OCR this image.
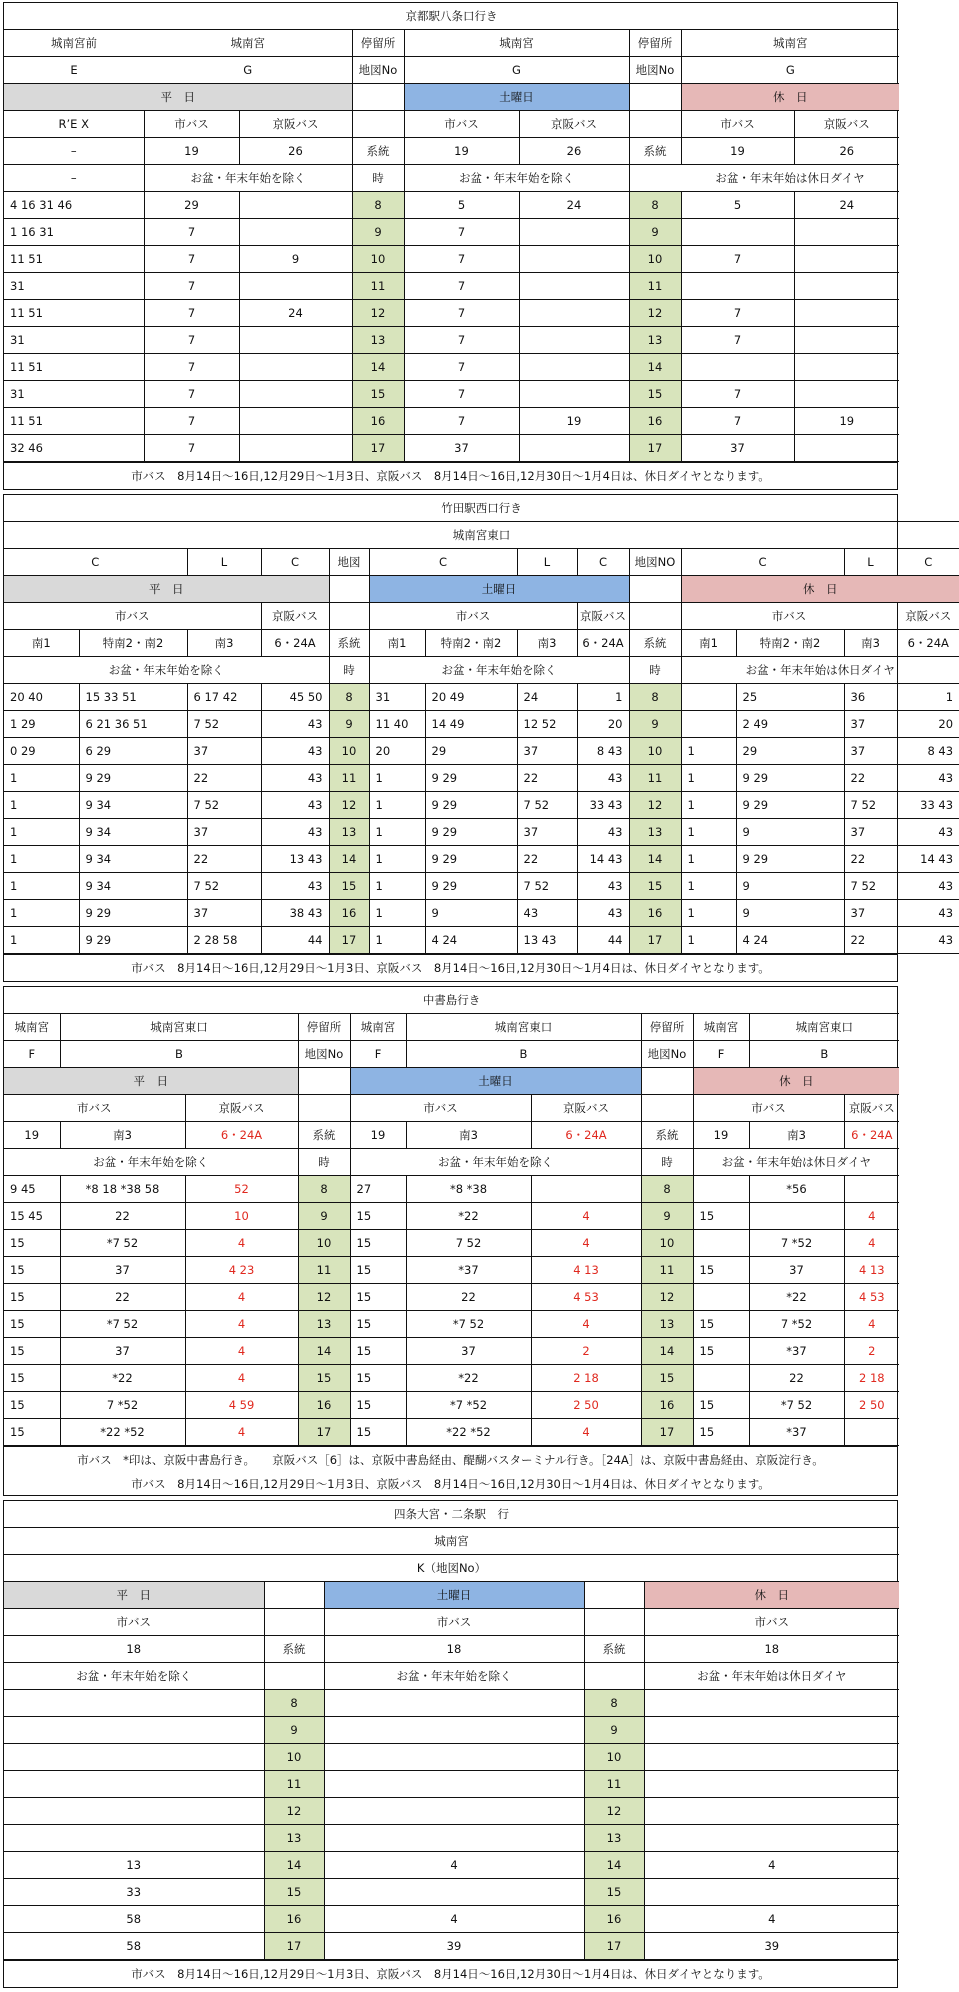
京都駅八条口行き								
城南宮前	城南宮		停留所	城南宮		停留所	城南宮	
E	G		地図No	G		地図No	G	
平　日				土曜日			休　日	
R’E X	市バス	京阪バス		市バス	京阪バス		市バス	京阪バス
–	19	26	系統	19	26	系統	19	26
–	お盆・年末年始を除く		時	お盆・年末年始を除く			お盆・年末年始は休日ダイヤ	
4 16 31 46	29		8	5	24	8	5	24
1 16 31	7		9	7		9		
11 51	7	9	10	7		10	7	
31	7		11	7		11		
11 51	7	24	12	7		12	7	
31	7		13	7		13	7	
11 51	7		14	7		14		
31	7		15	7		15	7	
11 51	7		16	7	19	16	7	19
32 46	7		17	37		17	37	
市バス　8月14日～16日,12月29日～1月3日、京阪バス　8月14日～16日,12月30日～1月4日は、休日ダイヤとなります。
竹田駅西口行き													
城南宮東口													
C		L	C	地図	C		L	C	地図NO	C		L	C
平　日					土曜日					休　日			
市バス			京阪バス		市バス			京阪バス		市バス			京阪バス
南1	特南2・南2	南3	6・24A	系統	南1	特南2・南2	南3	6・24A	系統	南1	特南2・南2	南3	6・24A
お盆・年末年始を除く				時	お盆・年末年始を除く				時	お盆・年末年始は休日ダイヤ			
20 40	15 33 51	6 17 42	45 50	8	31	20 49	24	1	8		25	36	1
1 29	6 21 36 51	7 52	43	9	11 40	14 49	12 52	20	9		2 49	37	20
0 29	6 29	37	43	10	20	29	37	8 43	10	1	29	37	8 43
1	9 29	22	43	11	1	9 29	22	43	11	1	9 29	22	43
1	9 34	7 52	43	12	1	9 29	7 52	33 43	12	1	9 29	7 52	33 43
1	9 34	37	43	13	1	9 29	37	43	13	1	9	37	43
1	9 34	22	13 43	14	1	9 29	22	14 43	14	1	9 29	22	14 43
1	9 34	7 52	43	15	1	9 29	7 52	43	15	1	9	7 52	43
1	9 29	37	38 43	16	1	9	43	43	16	1	9	37	43
1	9 29	2 28 58	44	17	1	4 24	13 43	44	17	1	4 24	22	43
市バス　8月14日～16日,12月29日～1月3日、京阪バス　8月14日～16日,12月30日～1月4日は、休日ダイヤとなります。
中書島行き										
城南宮	城南宮東口		停留所	城南宮	城南宮東口		停留所	城南宮	城南宮東口	
F	B		地図No	F	B		地図No	F	B	
平　日				土曜日				休　日		
市バス		京阪バス		市バス		京阪バス		市バス		京阪バス
19	南3	6・24A	系統	19	南3	6・24A	系統	19	南3	6・24A
お盆・年末年始を除く			時	お盆・年末年始を除く			時	お盆・年末年始は休日ダイヤ		
9 45	*8 18 *38 58	52	8	27	*8 *38		8		*56	
15 45	22	10	9	15	*22	4	9	15		4
15	*7 52	4	10	15	7 52	4	10		7 *52	4
15	37	4 23	11	15	*37	4 13	11	15	37	4 13
15	22	4	12	15	22	4 53	12		*22	4 53
15	*7 52	4	13	15	*7 52	4	13	15	7 *52	4
15	37	4	14	15	37	2	14	15	*37	2
15	*22	4	15	15	*22	2 18	15		22	2 18
15	7 *52	4 59	16	15	*7 *52	2 50	16	15	*7 52	2 50
15	*22 *52	4	17	15	*22 *52	4	17	15	*37	
市バス　*印は、京阪中書島行き。　　京阪バス［6］は、京阪中書島経由、醍醐バスターミナル行き。［24A］は、京阪中書島経由、京阪淀行き。
市バス　8月14日～16日,12月29日～1月3日、京阪バス　8月14日～16日,12月30日～1月4日は、休日ダイヤとなります。
四条大宮・二条駅　行				
城南宮				
K（地図No）				
平　日		土曜日		休　日
市バス		市バス		市バス
18	系統	18	系統	18
お盆・年末年始を除く		お盆・年末年始を除く		お盆・年末年始は休日ダイヤ
	8		8	
	9		9	
	10		10	
	11		11	
	12		12	
	13		13	
13	14	4	14	4
33	15		15	
58	16	4	16	4
58	17	39	17	39
市バス　8月14日～16日,12月29日～1月3日、京阪バス　8月14日～16日,12月30日～1月4日は、休日ダイヤとなります。
